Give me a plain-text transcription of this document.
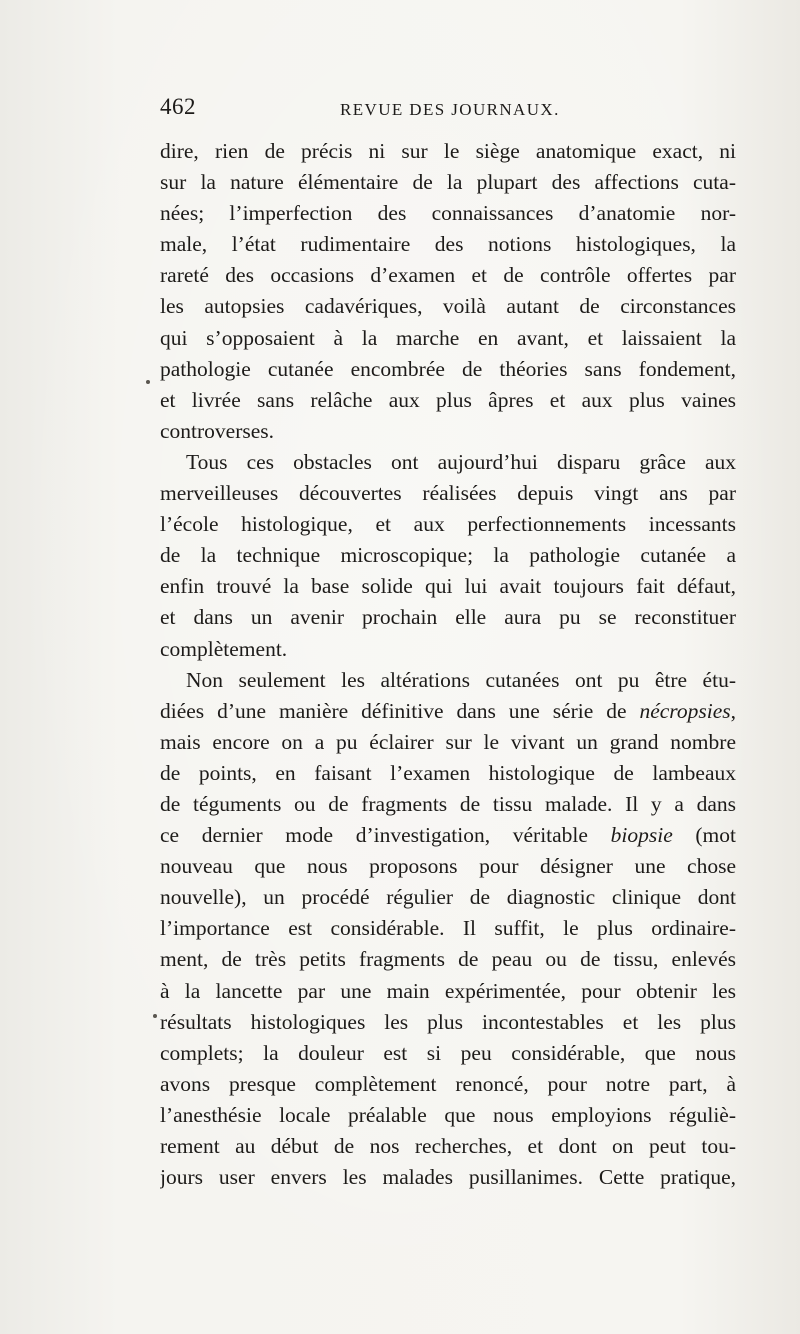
462	REVUE DES JOURNAUX.
dire, rien de précis ni sur le siège anatomique exact, ni
sur la nature élémentaire de la plupart des affections cuta-
nées; l’imperfection des connaissances d’anatomie nor-
male, l’état rudimentaire des notions histologiques, la
rareté des occasions d’examen et de contrôle offertes par
les autopsies cadavériques, voilà autant de circonstances
qui s’opposaient à la marche en avant, et laissaient la
pathologie cutanée encombrée de théories sans fondement,
et livrée sans relâche aux plus âpres et aux plus vaines
controverses.
Tous ces obstacles ont aujourd’hui disparu grâce aux
merveilleuses découvertes réalisées depuis vingt ans par
l’école histologique, et aux perfectionnements incessants
de la technique microscopique; la pathologie cutanée a
enfin trouvé la base solide qui lui avait toujours fait défaut,
et dans un avenir prochain elle aura pu se reconstituer
complètement.
Non seulement les altérations cutanées ont pu être étu-
diées d’une manière définitive dans une série de nécropsies,
mais encore on a pu éclairer sur le vivant un grand nombre
de points, en faisant l’examen histologique de lambeaux
de téguments ou de fragments de tissu malade. Il y a dans
ce dernier mode d’investigation, véritable biopsie (mot
nouveau que nous proposons pour désigner une chose
nouvelle), un procédé régulier de diagnostic clinique dont
l’importance est considérable. Il suffit, le plus ordinaire-
ment, de très petits fragments de peau ou de tissu, enlevés
à la lancette par une main expérimentée, pour obtenir les
résultats histologiques les plus incontestables et les plus
complets; la douleur est si peu considérable, que nous
avons presque complètement renoncé, pour notre part, à
l’anesthésie locale préalable que nous employions réguliè-
rement au début de nos recherches, et dont on peut tou-
jours user envers les malades pusillanimes. Cette pratique,
